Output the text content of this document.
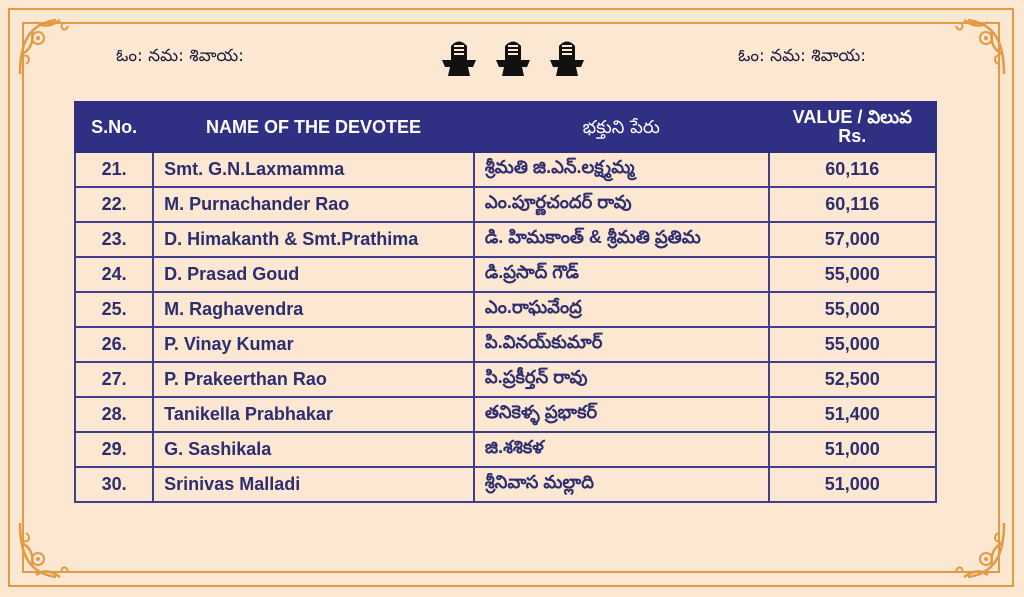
ఓం: నమ: శివాయ:	ఓం: నమ: శివాయ:
S.No.	NAME OF THE DEVOTEE	భక్తుని పేరు	VALUE / విలువ
Rs.

21.	Smt. G.N.Laxmamma	శ్రీమతి జి.ఎన్.లక్ష్మమ్మ	60,116
22.	M. Purnachander Rao	ఎం.పూర్ణచందర్ రావు	60,116
23.	D. Himakanth & Smt.Prathima	డి. హిమకాంత్ & శ్రీమతి ప్రతిమ	57,000
24.	D. Prasad Goud	డి.ప్రసాద్ గౌడ్	55,000
25.	M. Raghavendra	ఎం.రాఘవేంద్ర	55,000
26.	P. Vinay Kumar	పి.వినయ్‌కుమార్	55,000
27.	P. Prakeerthan Rao	పి.ప్రకీర్తన్ రావు	52,500
28.	Tanikella Prabhakar	తనికెళ్ళ ప్రభాకర్	51,400
29.	G. Sashikala	జి.శశికళ	51,000
30.	Srinivas Malladi	శ్రీనివాస మల్లాది	51,000
